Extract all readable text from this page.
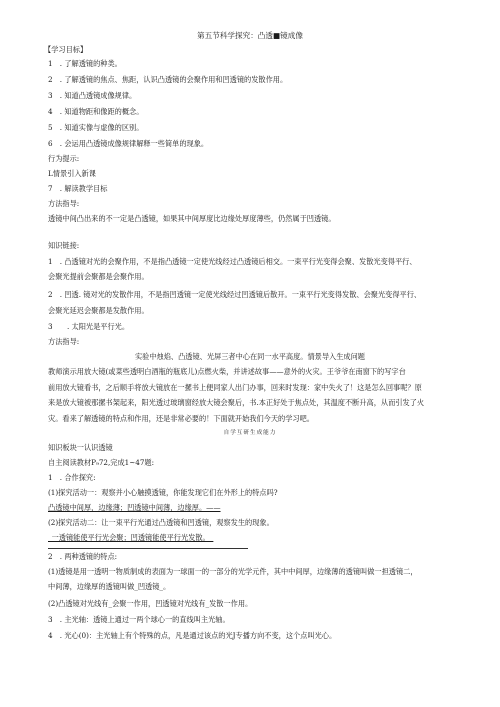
第五节科学探究：凸透■镜成像
【学习目标】
1　. 了解透镜的种类。
2　. 了解透镜的焦点、焦距，认识凸透镜的会聚作用和凹透镜的发散作用。
3　. 知道凸透镜成像规律。
4　. 知道物距和像距的概念。
5　. 知道实像与虚像的区别。
6　. 会运用凸透镜成像规律解释一些简单的现象。
行为提示:
L情景引入新课
7　. 解读教学目标
方法指导:
透镜中间凸出来的不一定是凸透镜，如果其中间厚度比边缘处厚度薄些，仍然属于凹透镜。
知识链接:
1　. 凸透镜对光的会聚作用，不是指凸透镜一定使光线经过凸透镜后相交。一束平行光变得会聚、发散光变得平行、
会聚光提前会聚都是会聚作用。
2　. 凹透. 镜对光的发散作用，不是指凹透镜一定使光线经过凹透镜后散开。一束平行光变得发散、会聚光变得平行、
会聚光延迟会聚都是发散作用。
3　　. 太阳光是平行光。
方法指导:
实验中烛焰、凸透镜、光屏三者中心在同一水平高度。情景导入生成问题
教师演示用放大镜(或菜些透明白酒瓶的瓶底儿)点燃火柴，并讲述故事——意外的火灾。王爷爷在南窗下的写字台
前用放大镜看书，之后顺手将放大镜放在一摞书上便同家人出门办事，回来时发现：家中失火了！这是怎么回事呢？原
来是放大镜被那摞书架起来，阳光透过玻璃窗经放大镜会聚后，书.本正好处于焦点处，其温度不断升高，从而引发了火
灾。看来了解透镜的特点和作用，还是非常必要的！下面就开始我们今天的学习吧。
自学互研生成能力
知识板块一认识透镜
自主阅读教材P₉72,完成1~47题:
1　. 合作探究:
(1)探究活动一：观察并小心触摸透镜，你能发现它们在外形上的特点吗?
凸透镜中间厚，边缘薄；凹透镜中间薄，边缘厚。——
(2)探究活动二：让一束平行光通过凸透镜和凹透镜，观察发生的现象。
_一透镜能使平行光会聚；凹透镜能使平行光发散。_
2　. 两种透镜的特点:
(1)透镜是用一透明一物质制成的表面为一球面一的一部分的光学元件，其中中间厚，边缘薄的透镜叫做一担透镜二，
中间薄，边缘厚的透镜叫做_凹透镜_。
(2)凸透镜对光线有_会聚一作用，凹透镜对光线有_发散一作用。
3　. 主光轴：透镜上通过一两个球心一的直线叫主光轴。
4　. 光心(0)：主光轴上有个特殊的点，凡是通过该点的光J专播方向不变，这个点叫光心。
